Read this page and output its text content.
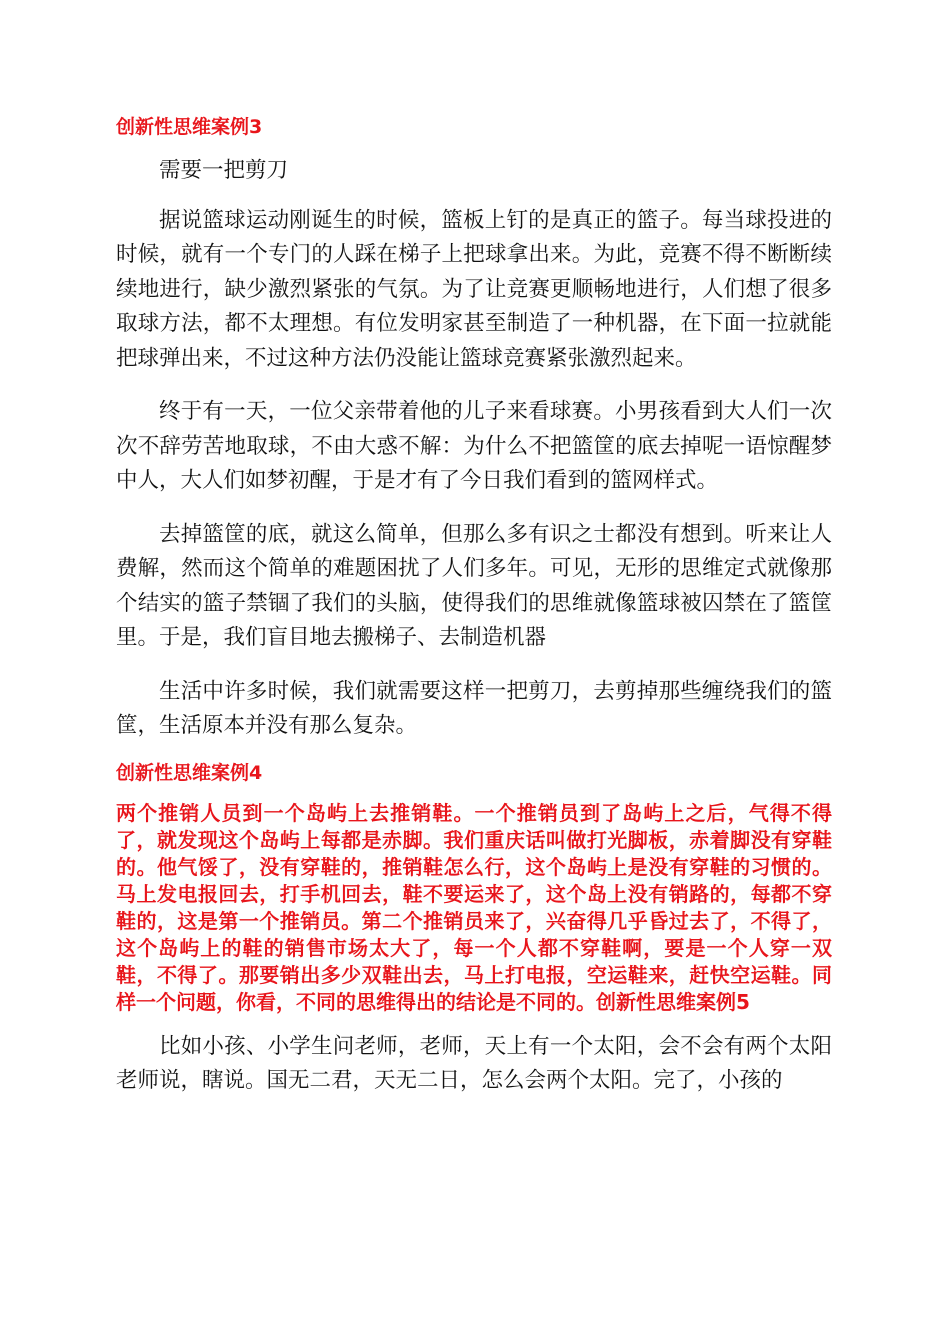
创新性思维案例3

需要一把剪刀

据说篮球运动刚诞生的时候，篮板上钉的是真正的篮子。每当球投进的时候，就有一个专门的人踩在梯子上把球拿出来。为此，竞赛不得不断断续续地进行，缺少激烈紧张的气氛。为了让竞赛更顺畅地进行，人们想了很多取球方法，都不太理想。有位发明家甚至制造了一种机器，在下面一拉就能把球弹出来，不过这种方法仍没能让篮球竞赛紧张激烈起来。

终于有一天，一位父亲带着他的儿子来看球赛。小男孩看到大人们一次次不辞劳苦地取球，不由大惑不解：为什么不把篮筐的底去掉呢一语惊醒梦中人，大人们如梦初醒，于是才有了今日我们看到的篮网样式。

去掉篮筐的底，就这么简单，但那么多有识之士都没有想到。听来让人费解，然而这个简单的难题困扰了人们多年。可见，无形的思维定式就像那个结实的篮子禁锢了我们的头脑，使得我们的思维就像篮球被囚禁在了篮筐里。于是，我们盲目地去搬梯子、去制造机器

生活中许多时候，我们就需要这样一把剪刀，去剪掉那些缠绕我们的篮筐，生活原本并没有那么复杂。

创新性思维案例4

两个推销人员到一个岛屿上去推销鞋。一个推销员到了岛屿上之后，气得不得了，就发现这个岛屿上每都是赤脚。我们重庆话叫做打光脚板，赤着脚没有穿鞋的。他气馁了，没有穿鞋的，推销鞋怎么行，这个岛屿上是没有穿鞋的习惯的。马上发电报回去，打手机回去，鞋不要运来了，这个岛上没有销路的，每都不穿鞋的，这是第一个推销员。第二个推销员来了，兴奋得几乎昏过去了，不得了，这个岛屿上的鞋的销售市场太大了，每一个人都不穿鞋啊，要是一个人穿一双鞋，不得了。那要销出多少双鞋出去，马上打电报，空运鞋来，赶快空运鞋。同样一个问题，你看，不同的思维得出的结论是不同的。创新性思维案例5

比如小孩、小学生问老师，老师，天上有一个太阳，会不会有两个太阳老师说，瞎说。国无二君，天无二日，怎么会两个太阳。完了，小孩的
